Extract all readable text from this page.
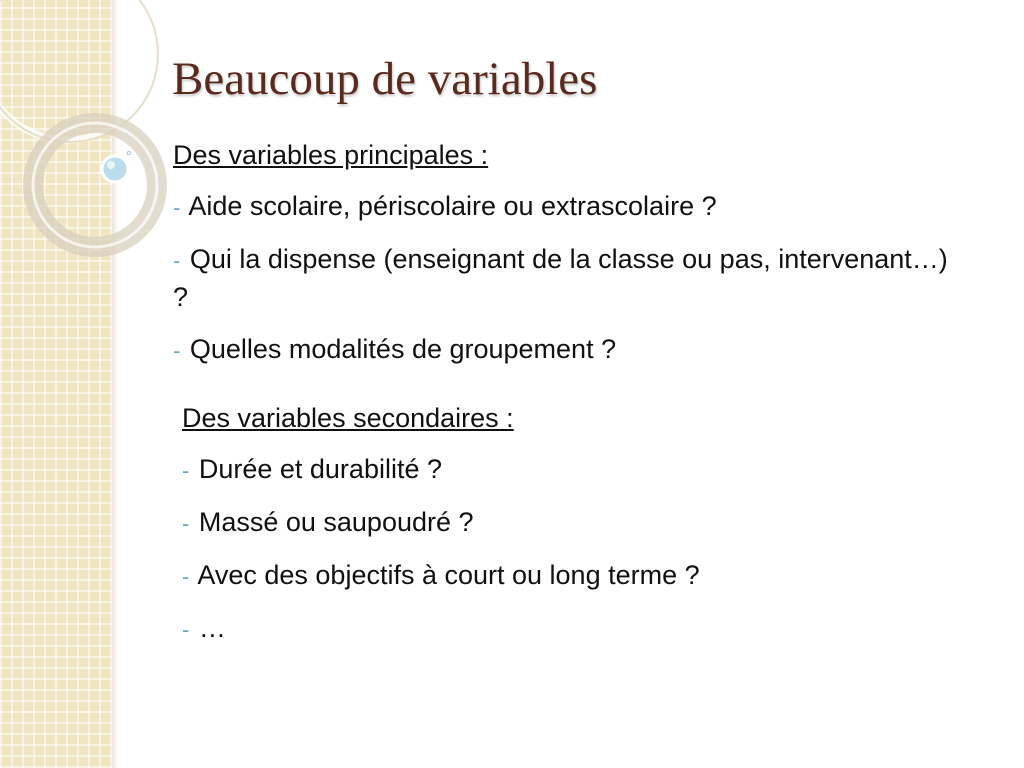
Beaucoup de variables
◦ Des variables principales :
- Aide scolaire, périscolaire ou extrascolaire ?
- Qui la dispense (enseignant de la classe ou pas, intervenant…) ?
- Quelles modalités de groupement ?
Des variables secondaires :
- Durée et durabilité ?
- Massé ou saupoudré ?
- Avec des objectifs à court ou long terme ?
- …
